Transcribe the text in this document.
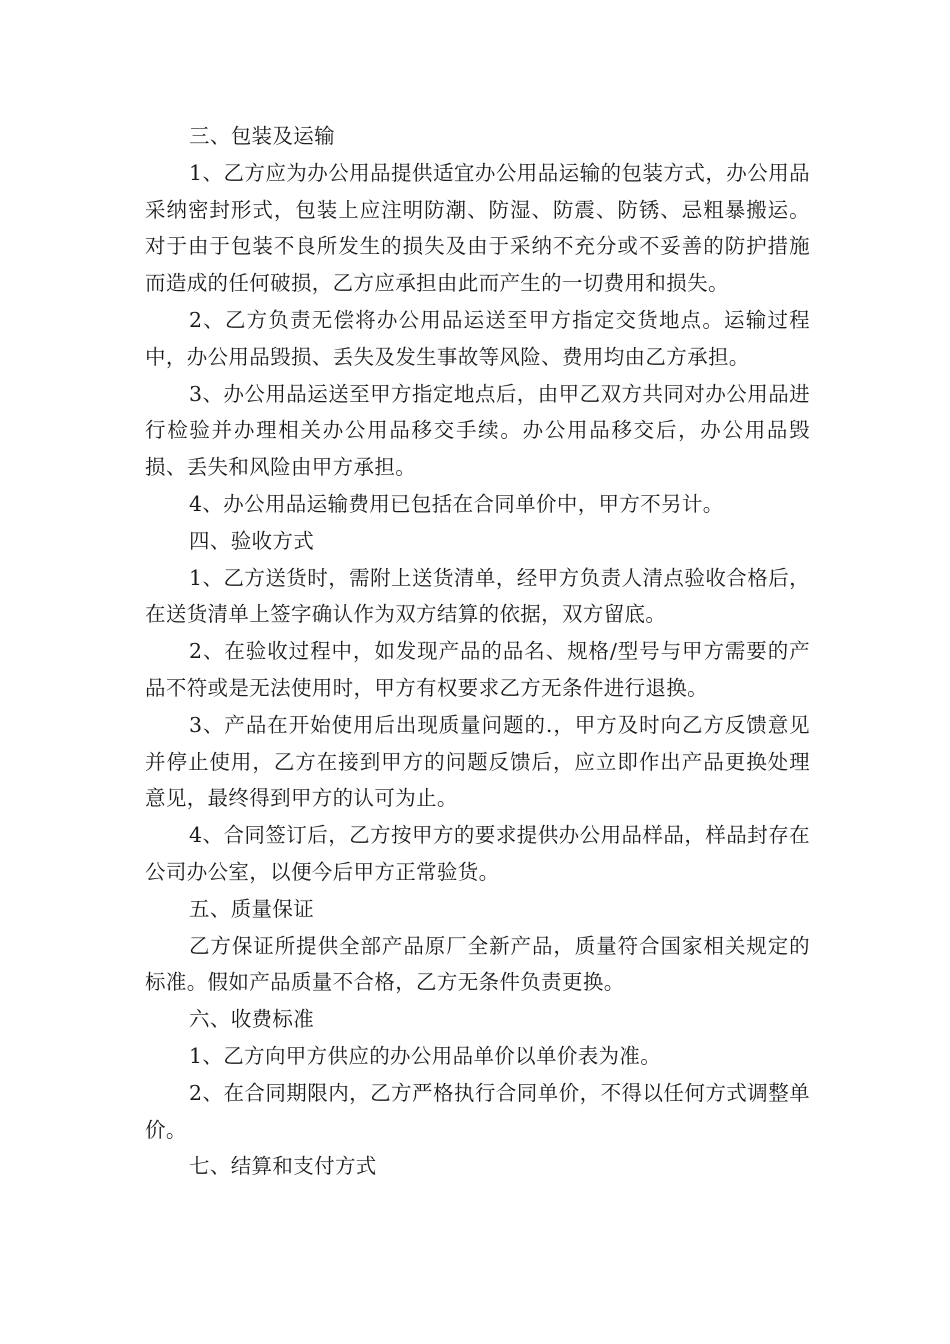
三、包装及运输

1、乙方应为办公用品提供适宜办公用品运输的包装方式，办公用品采纳密封形式，包装上应注明防潮、防湿、防震、防锈、忌粗暴搬运。对于由于包装不良所发生的损失及由于采纳不充分或不妥善的防护措施而造成的任何破损，乙方应承担由此而产生的一切费用和损失。

2、乙方负责无偿将办公用品运送至甲方指定交货地点。运输过程中，办公用品毁损、丢失及发生事故等风险、费用均由乙方承担。

3、办公用品运送至甲方指定地点后，由甲乙双方共同对办公用品进行检验并办理相关办公用品移交手续。办公用品移交后，办公用品毁损、丢失和风险由甲方承担。

4、办公用品运输费用已包括在合同单价中，甲方不另计。

四、验收方式

1、乙方送货时，需附上送货清单，经甲方负责人清点验收合格后，在送货清单上签字确认作为双方结算的依据，双方留底。

2、在验收过程中，如发现产品的品名、规格/型号与甲方需要的产品不符或是无法使用时，甲方有权要求乙方无条件进行退换。

3、产品在开始使用后出现质量问题的.，甲方及时向乙方反馈意见并停止使用，乙方在接到甲方的问题反馈后，应立即作出产品更换处理意见，最终得到甲方的认可为止。

4、合同签订后，乙方按甲方的要求提供办公用品样品，样品封存在公司办公室，以便今后甲方正常验货。

五、质量保证

乙方保证所提供全部产品原厂全新产品，质量符合国家相关规定的标准。假如产品质量不合格，乙方无条件负责更换。

六、收费标准

1、乙方向甲方供应的办公用品单价以单价表为准。

2、在合同期限内，乙方严格执行合同单价，不得以任何方式调整单价。

七、结算和支付方式
